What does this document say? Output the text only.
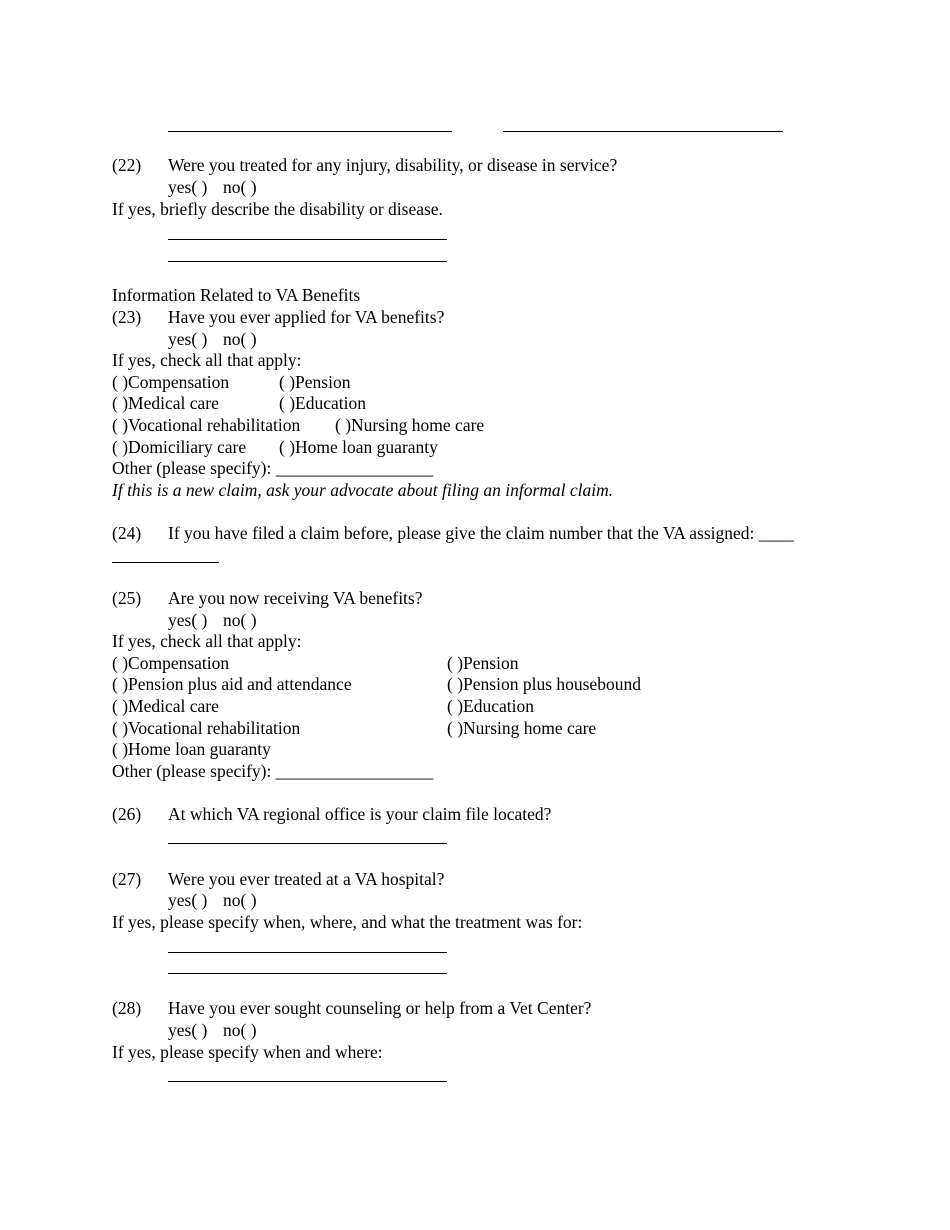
(22) Were you treated for any injury, disability, or disease in service?
yes( ) no( )
If yes, briefly describe the disability or disease.
Information Related to VA Benefits
(23) Have you ever applied for VA benefits?
yes( ) no( )
If yes, check all that apply:
( )Compensation	( )Pension
( )Medical care	( )Education
( )Vocational rehabilitation ( )Nursing home care
( )Domiciliary care ( )Home loan guaranty
Other (please specify): __________________
If this is a new claim, ask your advocate about filing an informal claim.
(24) If you have filed a claim before, please give the claim number that the VA assigned: ____
(25) Are you now receiving VA benefits?
yes( ) no( )
If yes, check all that apply:
( )Compensation	( )Pension
( )Pension plus aid and attendance	( )Pension plus housebound
( )Medical care	( )Education
( )Vocational rehabilitation	( )Nursing home care
( )Home loan guaranty
Other (please specify): __________________
(26) At which VA regional office is your claim file located?
(27) Were you ever treated at a VA hospital?
yes( ) no( )
If yes, please specify when, where, and what the treatment was for:
(28) Have you ever sought counseling or help from a Vet Center?
yes( ) no( )
If yes, please specify when and where:
